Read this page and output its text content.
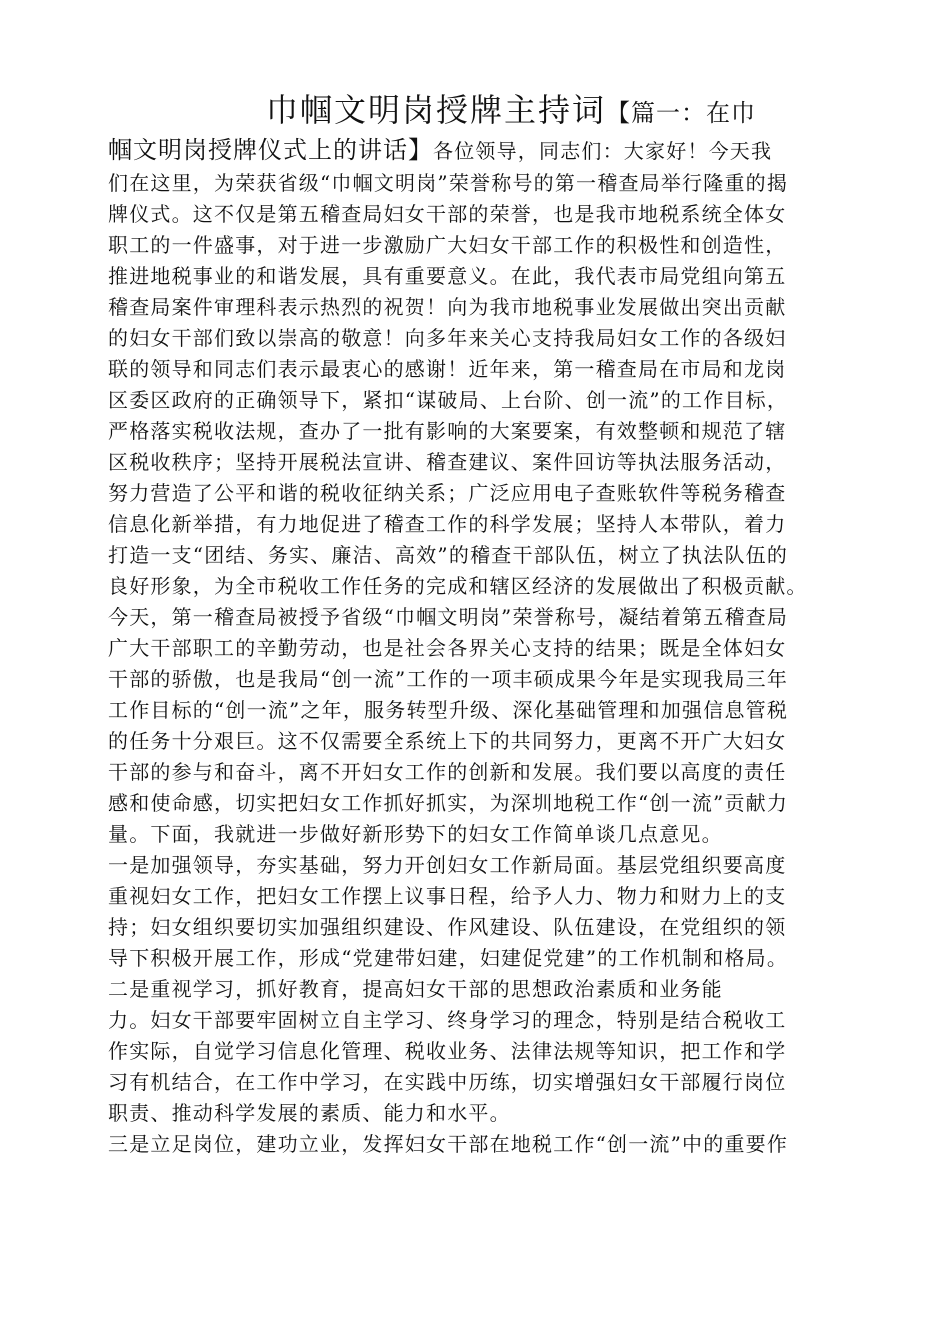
巾帼文明岗授牌主持词【篇一：在巾
帼文明岗授牌仪式上的讲话】各位领导，同志们：大家好！今天我
们在这里，为荣获省级“巾帼文明岗”荣誉称号的第一稽查局举行隆重的揭
牌仪式。这不仅是第五稽查局妇女干部的荣誉，也是我市地税系统全体女
职工的一件盛事，对于进一步激励广大妇女干部工作的积极性和创造性，
推进地税事业的和谐发展，具有重要意义。在此，我代表市局党组向第五
稽查局案件审理科表示热烈的祝贺！向为我市地税事业发展做出突出贡献
的妇女干部们致以崇高的敬意！向多年来关心支持我局妇女工作的各级妇
联的领导和同志们表示最衷心的感谢！近年来，第一稽查局在市局和龙岗
区委区政府的正确领导下，紧扣“谋破局、上台阶、创一流”的工作目标，
严格落实税收法规，查办了一批有影响的大案要案，有效整顿和规范了辖
区税收秩序；坚持开展税法宣讲、稽查建议、案件回访等执法服务活动，
努力营造了公平和谐的税收征纳关系；广泛应用电子查账软件等税务稽查
信息化新举措，有力地促进了稽查工作的科学发展；坚持人本带队，着力
打造一支“团结、务实、廉洁、高效”的稽查干部队伍，树立了执法队伍的
良好形象，为全市税收工作任务的完成和辖区经济的发展做出了积极贡献。
今天，第一稽查局被授予省级“巾帼文明岗”荣誉称号，凝结着第五稽查局
广大干部职工的辛勤劳动，也是社会各界关心支持的结果；既是全体妇女
干部的骄傲，也是我局“创一流”工作的一项丰硕成果今年是实现我局三年
工作目标的“创一流”之年，服务转型升级、深化基础管理和加强信息管税
的任务十分艰巨。这不仅需要全系统上下的共同努力，更离不开广大妇女
干部的参与和奋斗，离不开妇女工作的创新和发展。我们要以高度的责任
感和使命感，切实把妇女工作抓好抓实，为深圳地税工作“创一流”贡献力
量。下面，我就进一步做好新形势下的妇女工作简单谈几点意见。
一是加强领导，夯实基础，努力开创妇女工作新局面。基层党组织要高度
重视妇女工作，把妇女工作摆上议事日程，给予人力、物力和财力上的支
持；妇女组织要切实加强组织建设、作风建设、队伍建设，在党组织的领
导下积极开展工作，形成“党建带妇建，妇建促党建”的工作机制和格局。
二是重视学习，抓好教育，提高妇女干部的思想政治素质和业务能
力。妇女干部要牢固树立自主学习、终身学习的理念，特别是结合税收工
作实际，自觉学习信息化管理、税收业务、法律法规等知识，把工作和学
习有机结合，在工作中学习，在实践中历练，切实增强妇女干部履行岗位
职责、推动科学发展的素质、能力和水平。
三是立足岗位，建功立业，发挥妇女干部在地税工作“创一流”中的重要作
